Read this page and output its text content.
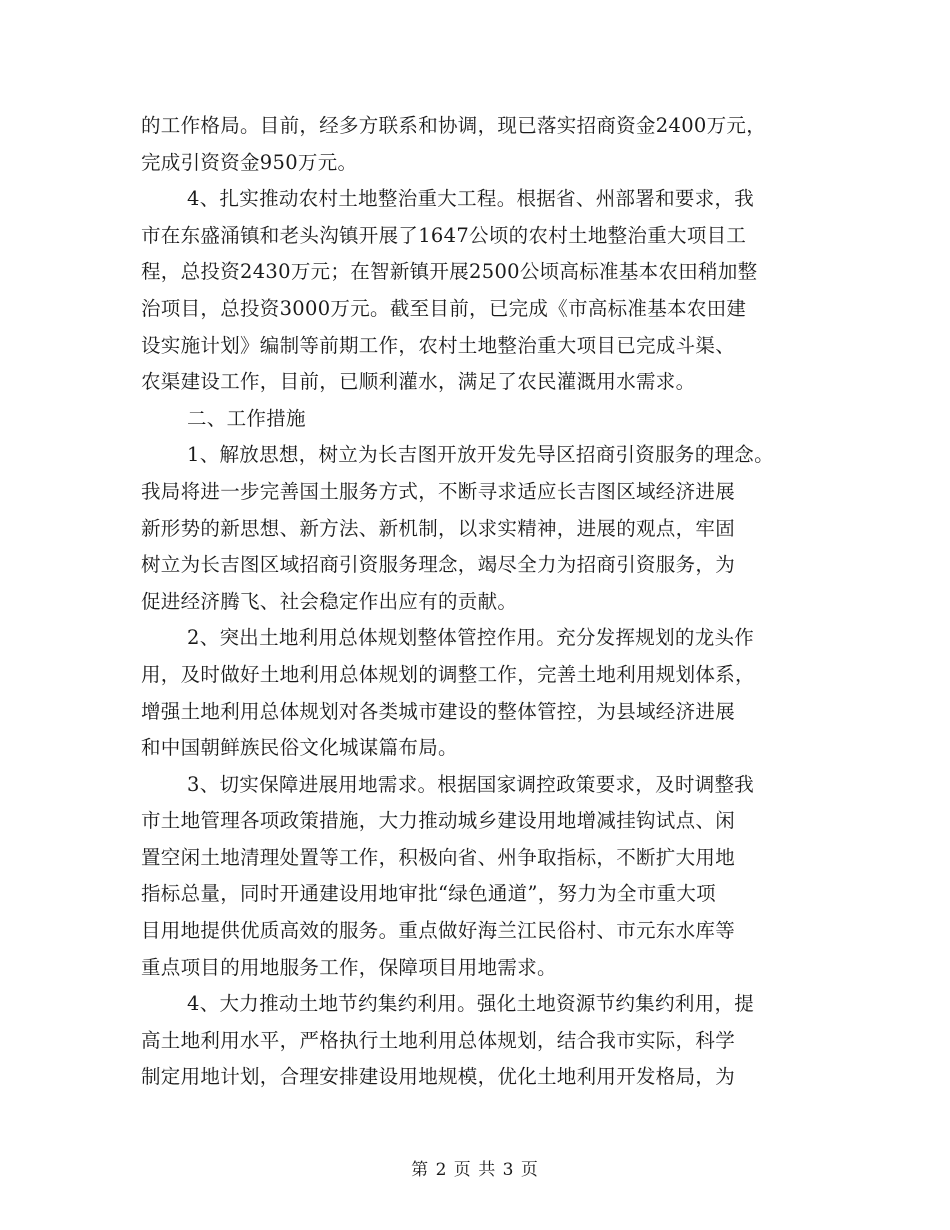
的工作格局。目前，经多方联系和协调，现已落实招商资金2400万元，
完成引资资金950万元。
4、扎实推动农村土地整治重大工程。根据省、州部署和要求，我
市在东盛涌镇和老头沟镇开展了1647公顷的农村土地整治重大项目工
程，总投资2430万元；在智新镇开展2500公顷高标准基本农田稍加整
治项目，总投资3000万元。截至目前，已完成《市高标准基本农田建
设实施计划》编制等前期工作，农村土地整治重大项目已完成斗渠、
农渠建设工作，目前，已顺利灌水，满足了农民灌溉用水需求。
二、工作措施
1、解放思想，树立为长吉图开放开发先导区招商引资服务的理念。
我局将进一步完善国土服务方式，不断寻求适应长吉图区域经济进展
新形势的新思想、新方法、新机制，以求实精神，进展的观点，牢固
树立为长吉图区域招商引资服务理念，竭尽全力为招商引资服务，为
促进经济腾飞、社会稳定作出应有的贡献。
2、突出土地利用总体规划整体管控作用。充分发挥规划的龙头作
用，及时做好土地利用总体规划的调整工作，完善土地利用规划体系，
增强土地利用总体规划对各类城市建设的整体管控，为县域经济进展
和中国朝鲜族民俗文化城谋篇布局。
3、切实保障进展用地需求。根据国家调控政策要求，及时调整我
市土地管理各项政策措施，大力推动城乡建设用地增减挂钩试点、闲
置空闲土地清理处置等工作，积极向省、州争取指标，不断扩大用地
指标总量，同时开通建设用地审批“绿色通道”，努力为全市重大项
目用地提供优质高效的服务。重点做好海兰江民俗村、市元东水库等
重点项目的用地服务工作，保障项目用地需求。
4、大力推动土地节约集约利用。强化土地资源节约集约利用，提
高土地利用水平，严格执行土地利用总体规划，结合我市实际，科学
制定用地计划，合理安排建设用地规模，优化土地利用开发格局，为
第 2 页 共 3 页
